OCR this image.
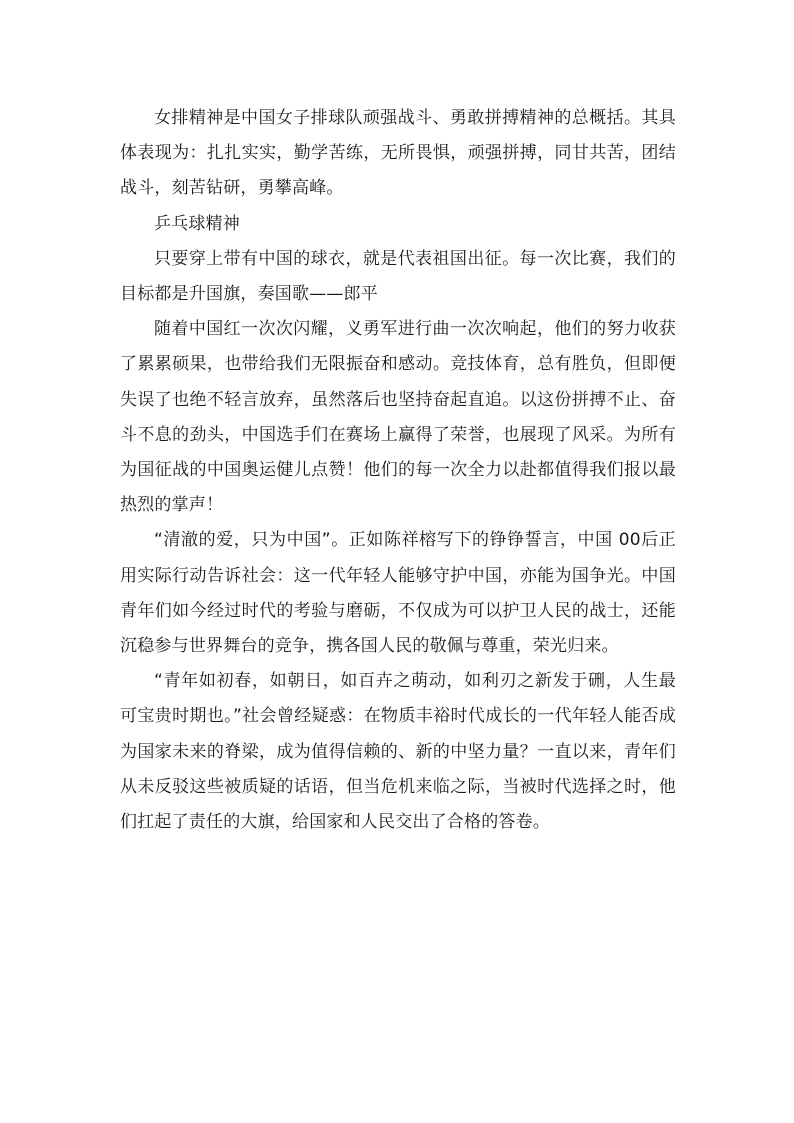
女排精神是中国女子排球队顽强战斗、勇敢拼搏精神的总概括。其具体表现为：扎扎实实，勤学苦练，无所畏惧，顽强拼搏，同甘共苦，团结战斗，刻苦钻研，勇攀高峰。

乒乓球精神

只要穿上带有中国的球衣，就是代表祖国出征。每一次比赛，我们的目标都是升国旗，奏国歌——郎平

随着中国红一次次闪耀，义勇军进行曲一次次响起，他们的努力收获了累累硕果，也带给我们无限振奋和感动。竞技体育，总有胜负，但即便失误了也绝不轻言放弃，虽然落后也坚持奋起直追。以这份拼搏不止、奋斗不息的劲头，中国选手们在赛场上赢得了荣誉，也展现了风采。为所有为国征战的中国奥运健儿点赞！他们的每一次全力以赴都值得我们报以最热烈的掌声！

“清澈的爱，只为中国”。正如陈祥榕写下的铮铮誓言，中国 00后正用实际行动告诉社会：这一代年轻人能够守护中国，亦能为国争光。中国青年们如今经过时代的考验与磨砺，不仅成为可以护卫人民的战士，还能沉稳参与世界舞台的竞争，携各国人民的敬佩与尊重，荣光归来。

“青年如初春，如朝日，如百卉之萌动，如利刃之新发于硎，人生最可宝贵时期也。”社会曾经疑惑：在物质丰裕时代成长的一代年轻人能否成为国家未来的脊梁，成为值得信赖的、新的中坚力量？一直以来，青年们从未反驳这些被质疑的话语，但当危机来临之际，当被时代选择之时，他们扛起了责任的大旗，给国家和人民交出了合格的答卷。
